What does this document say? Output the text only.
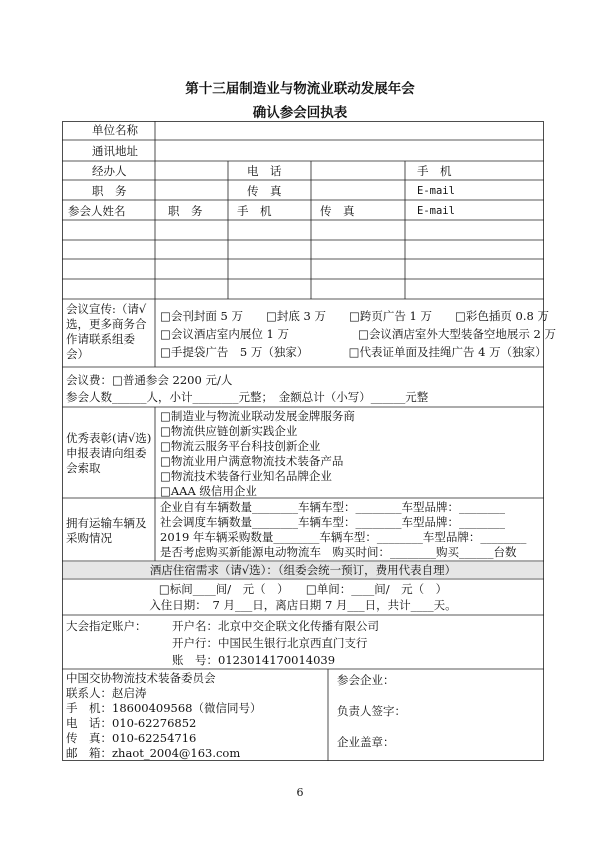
第十三届制造业与物流业联动发展年会
确认参会回执表
单位名称
通讯地址
经办人	电　话	手　机
职　务	传　真	E-mail
参会人姓名	职　务	手　机	传　真	E-mail
会议宣传:（请√选，更多商务合作请联系组委会）
□会刊封面 5 万　　□封底 3 万　　□跨页广告 1 万　　□彩色插页 0.8 万
□会议酒店室内展位 1 万　　　　　　□会议酒店室外大型装备空地展示 2 万
□手提袋广告　5 万（独家）　　　　□代表证单面及挂绳广告 4 万（独家）
会议费：□普通参会 2200 元/人
参会人数______人，小计________元整；　金额总计（小写）______元整
优秀表彰(请√选)申报表请向组委会索取
□制造业与物流业联动发展金牌服务商
□物流供应链创新实践企业
□物流云服务平台科技创新企业
□物流业用户满意物流技术装备产品
□物流技术装备行业知名品牌企业
□AAA 级信用企业
拥有运输车辆及采购情况
企业自有车辆数量________车辆车型：________车型品牌：________
社会调度车辆数量________车辆车型：________车型品牌：________
2019 年车辆采购数量________车辆车型：________车型品牌：________
是否考虑购买新能源电动物流车　购买时间：________购买______台数
酒店住宿需求（请√选）：（组委会统一预订，费用代表自理）
□标间____间/　元（　）　　□单间：____间/　元（　）
入住日期：　7 月___日，离店日期 7 月___日，共计____天。
大会指定账户： 开户名：北京中交企联文化传播有限公司
开户行：中国民生银行北京西直门支行
账　号：0123014170014039
中国交协物流技术装备委员会
联系人：赵启涛
手　机：18600409568（微信同号）
电　话：010-62276852
传　真：010-62254716
邮　箱：zhaot_2004@163.com
参会企业：
负责人签字：
企业盖章：
6
